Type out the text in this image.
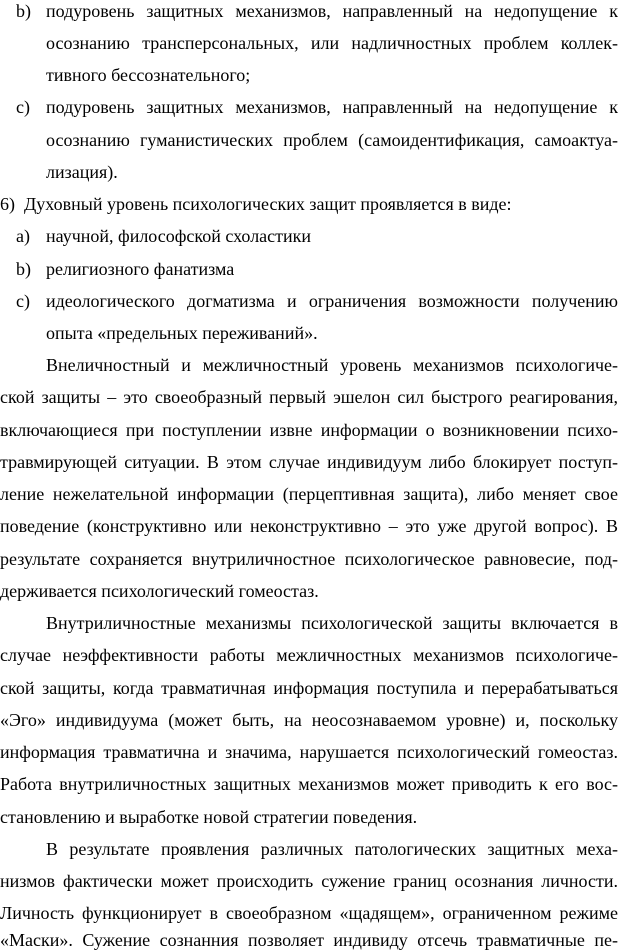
b) подуровень защитных механизмов, направленный на недопущение к
осознанию трансперсональных, или надличностных проблем коллек-
тивного бессознательного;
c) подуровень защитных механизмов, направленный на недопущение к
осознанию гуманистических проблем (самоидентификация, самоактуа-
лизация).
6) Духовный уровень психологических защит проявляется в виде:
a) научной, философской схоластики
b) религиозного фанатизма
c) идеологического догматизма и ограничения возможности получению
опыта «предельных переживаний».
Внеличностный и межличностный уровень механизмов психологиче-
ской защиты – это своеобразный первый эшелон сил быстрого реагирования,
включающиеся при поступлении извне информации о возникновении психо-
травмирующей ситуации. В этом случае индивидуум либо блокирует поступ-
ление нежелательной информации (перцептивная защита), либо меняет свое
поведение (конструктивно или неконструктивно – это уже другой вопрос). В
результате сохраняется внутриличностное психологическое равновесие, под-
держивается психологический гомеостаз.
Внутриличностные механизмы психологической защиты включается в
случае неэффективности работы межличностных механизмов психологиче-
ской защиты, когда травматичная информация поступила и перерабатываться
«Эго» индивидуума (может быть, на неосознаваемом уровне) и, поскольку
информация травматична и значима, нарушается психологический гомеостаз.
Работа внутриличностных защитных механизмов может приводить к его вос-
становлению и выработке новой стратегии поведения.
В результате проявления различных патологических защитных меха-
низмов фактически может происходить сужение границ осознания личности.
Личность функционирует в своеобразном «щадящем», ограниченном режиме
«Маски». Сужение сознанния позволяет индивиду отсечь травматичные пе-
